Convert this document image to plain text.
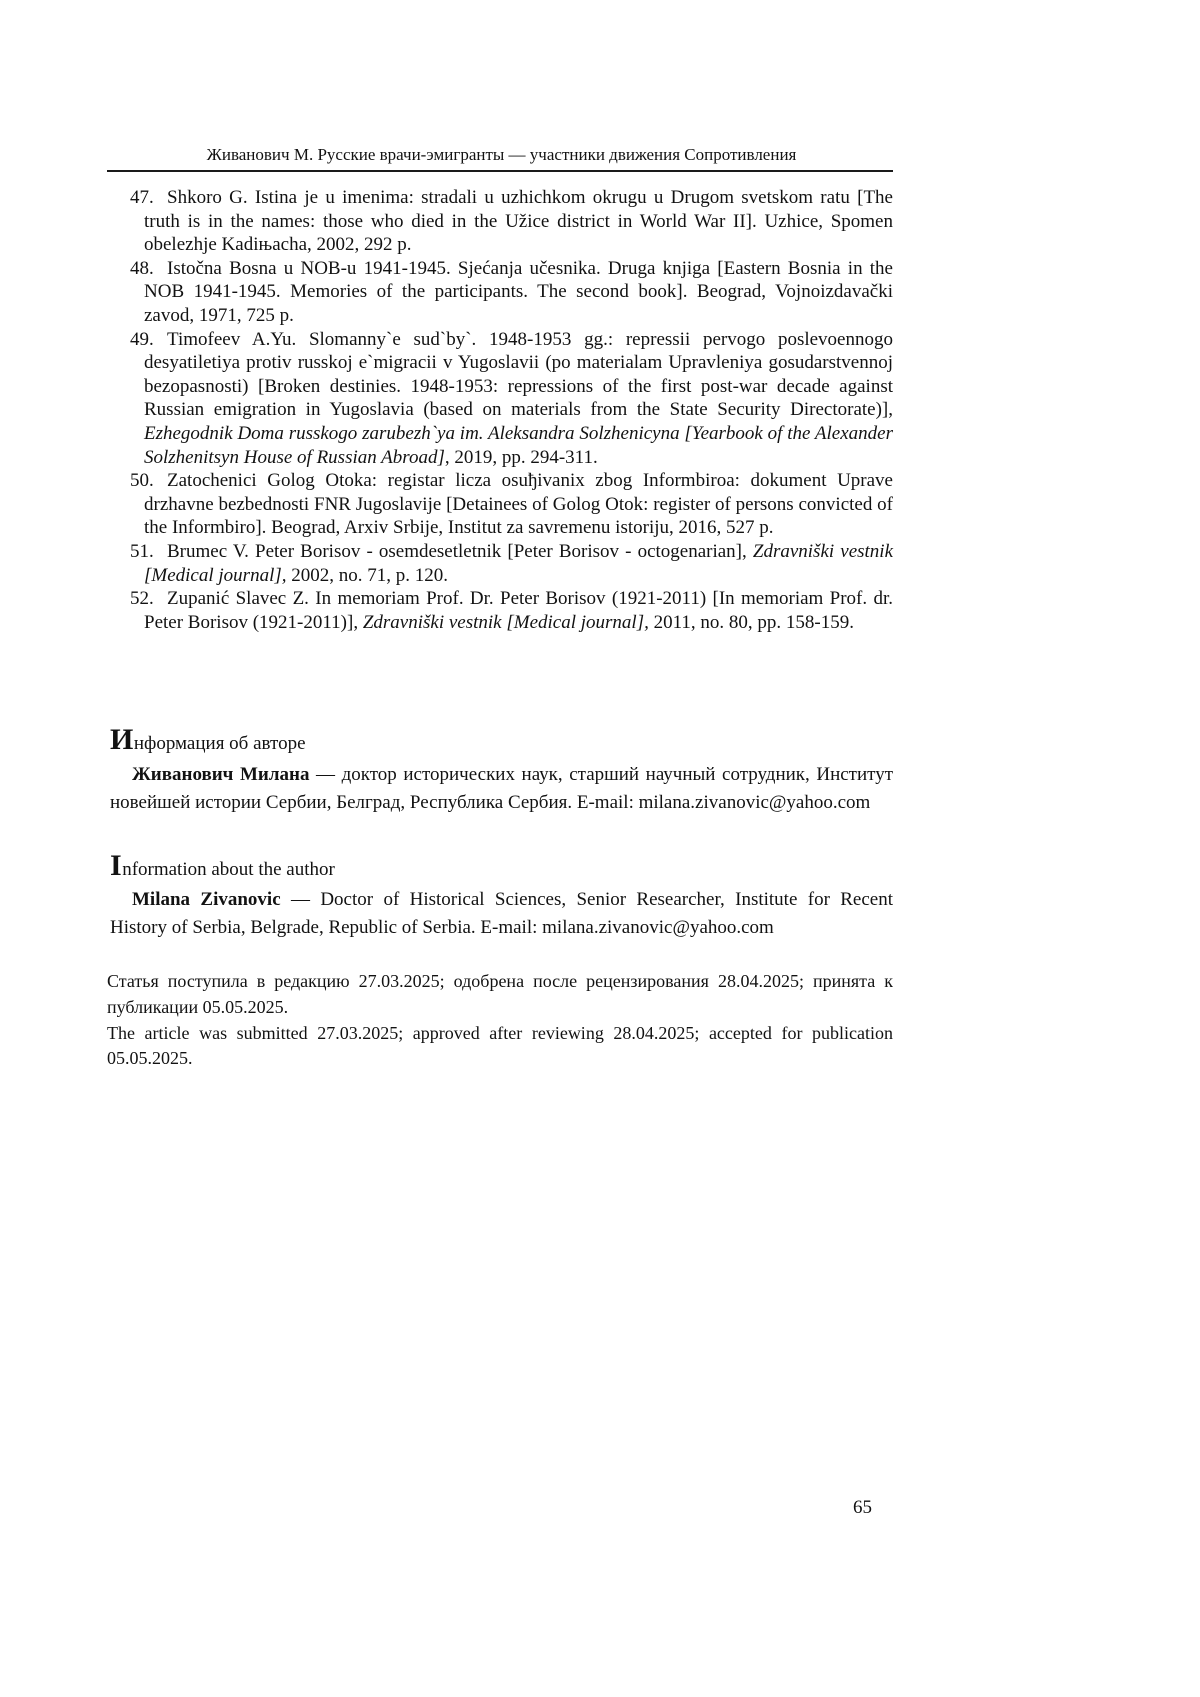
Живанович М. Русские врачи-эмигранты — участники движения Сопротивления
47. Shkoro G. Istina je u imenima: stradali u uzhichkom okrugu u Drugom svetskom ratu [The truth is in the names: those who died in the Užice district in World War II]. Uzhice, Spomen obelezhje Kadiњacha, 2002, 292 p.
48. Istočna Bosna u NOB-u 1941-1945. Sjećanja učesnika. Druga knjiga [Eastern Bosnia in the NOB 1941-1945. Memories of the participants. The second book]. Beograd, Vojnoizdavački zavod, 1971, 725 p.
49. Timofeev A.Yu. Slomanny`e sud`by`. 1948-1953 gg.: repressii pervogo poslevoennogo desyatiletiya protiv russkoj e`migracii v Yugoslavii (po materialam Upravleniya gosudarstvennoj bezopasnosti) [Broken destinies. 1948-1953: repressions of the first post-war decade against Russian emigration in Yugoslavia (based on materials from the State Security Directorate)], Ezhegodnik Doma russkogo zarubezh`ya im. Aleksandra Solzhenicyna [Yearbook of the Alexander Solzhenitsyn House of Russian Abroad], 2019, pp. 294-311.
50. Zatochenici Golog Otoka: registar licza osuђivanix zbog Informbiroa: dokument Uprave drzhavne bezbednosti FNR Jugoslavije [Detainees of Golog Otok: register of persons convicted of the Informbiro]. Beograd, Arxiv Srbije, Institut za savremenu istoriju, 2016, 527 p.
51. Brumec V. Peter Borisov - osemdesetletnik [Peter Borisov - octogenarian], Zdravniški vestnik [Medical journal], 2002, no. 71, p. 120.
52. Zupanić Slavec Z. In memoriam Prof. Dr. Peter Borisov (1921-2011) [In memoriam Prof. dr. Peter Borisov (1921-2011)], Zdravniški vestnik [Medical journal], 2011, no. 80, pp. 158-159.
Информация об авторе

Живанович Милана — доктор исторических наук, старший научный сотрудник, Институт новейшей истории Сербии, Белград, Республика Сербия. E-mail: milana.zivanovic@yahoo.com

Information about the author

Milana Zivanovic — Doctor of Historical Sciences, Senior Researcher, Institute for Recent History of Serbia, Belgrade, Republic of Serbia. E-mail: milana.zivanovic@yahoo.com

Статья поступила в редакцию 27.03.2025; одобрена после рецензирования 28.04.2025; принята к публикации 05.05.2025.

The article was submitted 27.03.2025; approved after reviewing 28.04.2025; accepted for publication 05.05.2025.

65
